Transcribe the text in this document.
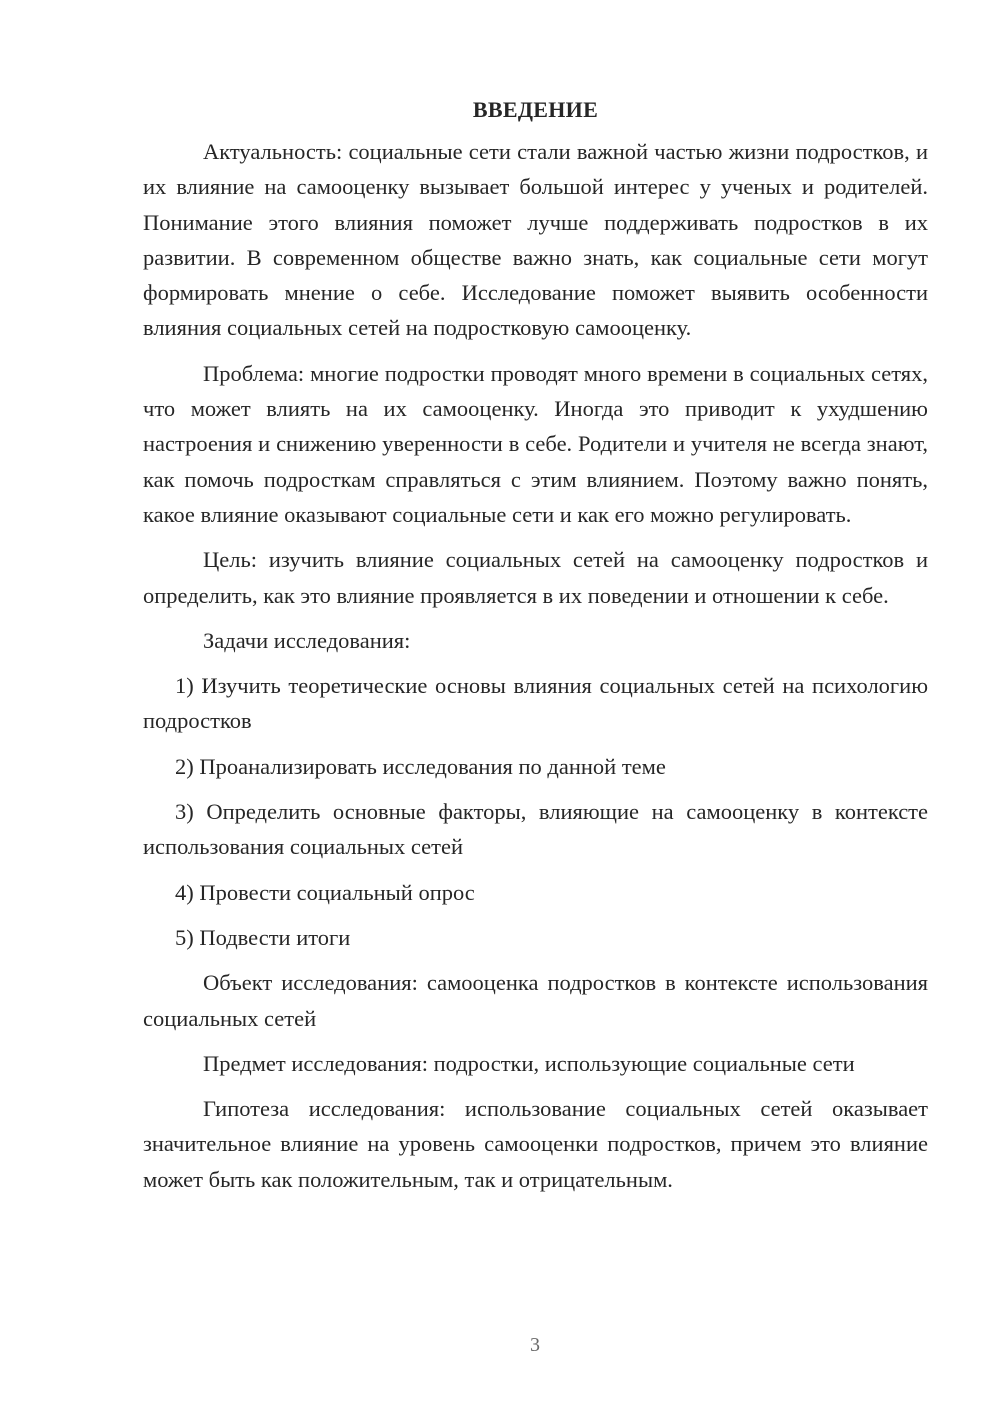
ВВЕДЕНИЕ

Актуальность: социальные сети стали важной частью жизни подростков, и их влияние на самооценку вызывает большой интерес у ученых и родителей. Понимание этого влияния поможет лучше поддерживать подростков в их развитии. В современном обществе важно знать, как социальные сети могут формировать мнение о себе. Исследование поможет выявить особенности влияния социальных сетей на подростковую самооценку.

Проблема: многие подростки проводят много времени в социальных сетях, что может влиять на их самооценку. Иногда это приводит к ухудшению настроения и снижению уверенности в себе. Родители и учителя не всегда знают, как помочь подросткам справляться с этим влиянием. Поэтому важно понять, какое влияние оказывают социальные сети и как его можно регулировать.

Цель: изучить влияние социальных сетей на самооценку подростков и определить, как это влияние проявляется в их поведении и отношении к себе.

Задачи исследования:

1) Изучить теоретические основы влияния социальных сетей на психологию подростков

2) Проанализировать исследования по данной теме

3) Определить основные факторы, влияющие на самооценку в контексте использования социальных сетей

4) Провести социальный опрос

5) Подвести итоги

Объект исследования: самооценка подростков в контексте использования социальных сетей

Предмет исследования: подростки, использующие социальные сети

Гипотеза исследования: использование социальных сетей оказывает значительное влияние на уровень самооценки подростков, причем это влияние может быть как положительным, так и отрицательным.

3
